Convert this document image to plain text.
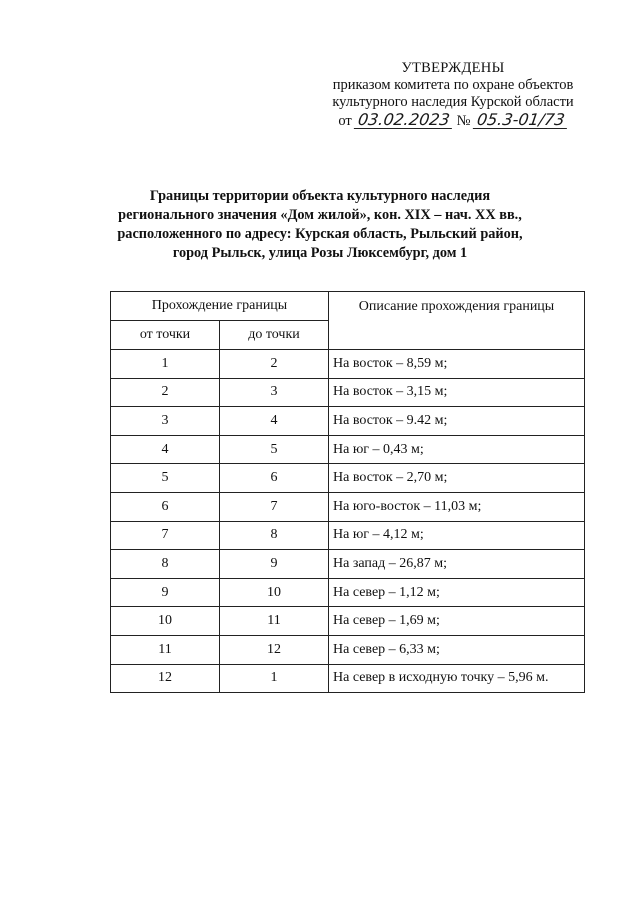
УТВЕРЖДЕНЫ
приказом комитета по охране объектов
культурного наследия Курской области
от 03.02.2023 № 05.3-01/73
Границы территории объекта культурного наследия
регионального значения «Дом жилой», кон. XIX – нач. XX вв.,
расположенного по адресу: Курская область, Рыльский район,
город Рыльск, улица Розы Люксембург, дом 1
Прохождение границы		Описание прохождения границы
от точки	до точки	
1	2	На восток – 8,59 м;
2	3	На восток – 3,15 м;
3	4	На восток – 9.42 м;
4	5	На юг – 0,43 м;
5	6	На восток – 2,70 м;
6	7	На юго-восток – 11,03 м;
7	8	На юг – 4,12 м;
8	9	На запад – 26,87 м;
9	10	На север – 1,12 м;
10	11	На север – 1,69 м;
11	12	На север – 6,33 м;
12	1	На север в исходную точку – 5,96 м.
